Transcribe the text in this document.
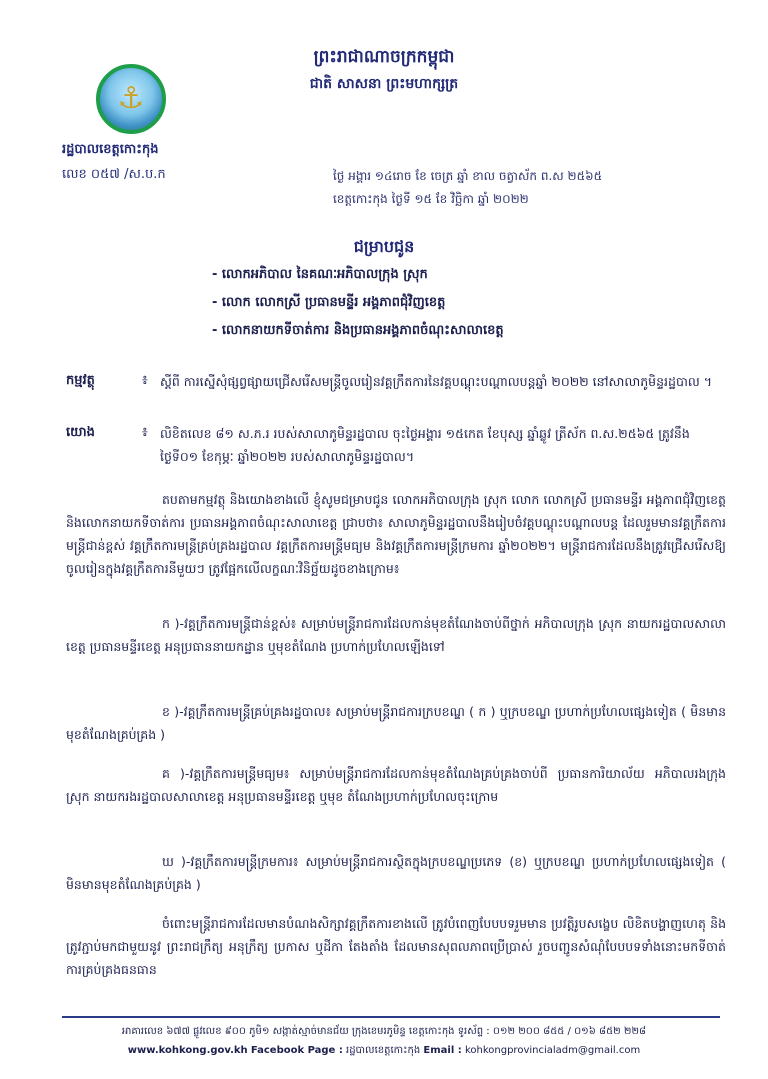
ព្រះរាជាណាចក្រកម្ពុជា
ជាតិ សាសនា ព្រះមហាក្សត្រ
⚓
រដ្ឋបាលខេត្តកោះកុង
លេខ ០៥៧ /ស.ប.ក	ថ្ងៃ អង្គារ ១៤រោច ខែ ចេត្រ ឆ្នាំ ខាល ចត្វាស័ក ព.ស ២៥៦៥
ខេត្តកោះកុង ថ្ងៃទី ១៥ ខែ វិច្ឆិកា ឆ្នាំ ២០២២
ជម្រាបជូន
- លោកអភិបាល នៃគណៈអភិបាលក្រុង ស្រុក
- លោក លោកស្រី ប្រធានមន្ទីរ អង្គភាពជុំវិញខេត្ត
- លោកនាយកទីចាត់ការ និងប្រធានអង្គភាពចំណុះសាលាខេត្ត
កម្មវត្ថុ	៖ ស្តីពី ការស្នើសុំផ្សព្វផ្សាយជ្រើសរើសមន្ត្រីចូលរៀនវគ្គក្រឹតការនៃវគ្គបណ្តុះបណ្តាលបន្តឆ្នាំ ២០២២ នៅសាលាភូមិន្ទរដ្ឋបាល ។
យោង	៖ លិខិតលេខ ៨១ ស.ភ.រ របស់សាលាភូមិន្ទរដ្ឋបាល ចុះថ្ងៃអង្គារ ១៥កេត ខែបុស្ស ឆ្នាំឆ្លូវ ត្រីស័ក ព.ស.២៥៦៥ ត្រូវនឹងថ្ងៃទី០១ ខែកុម្ភៈ ឆ្នាំ២០២២ របស់សាលាភូមិន្ទរដ្ឋបាល។
តបតាមកម្មវត្ថុ និងយោងខាងលើ ខ្ញុំសូមជម្រាបជូន លោកអភិបាលក្រុង ស្រុក លោក លោកស្រី ប្រធានមន្ទីរ អង្គភាពជុំវិញខេត្ត និងលោកនាយកទីចាត់ការ ប្រធានអង្គភាពចំណុះសាលាខេត្ត ជ្រាបថា៖ សាលាភូមិន្ទរដ្ឋបាលនឹងរៀបចំវគ្គបណ្តុះបណ្តាលបន្ត ដែលរួមមានវគ្គក្រឹតការមន្ត្រីជាន់ខ្ពស់ វគ្គក្រឹតការមន្ត្រីគ្រប់គ្រងរដ្ឋបាល វគ្គក្រឹតការមន្ត្រីមធ្យម និងវគ្គក្រឹតការមន្ត្រីក្រមការ ឆ្នាំ២០២២។ មន្ត្រីរាជការដែលនឹងត្រូវជ្រើសរើសឱ្យចូលរៀនក្នុងវគ្គក្រឹតការនីមួយៗ ត្រូវផ្អែកលើលក្ខណៈវិនិច្ឆ័យដូចខាងក្រោម៖
ក )-វគ្គក្រឹតការមន្ត្រីជាន់ខ្ពស់៖ សម្រាប់មន្ត្រីរាជការដែលកាន់មុខតំណែងចាប់ពីថ្នាក់ អភិបាលក្រុង ស្រុក នាយករដ្ឋបាលសាលាខេត្ត ប្រធានមន្ទីរខេត្ត អនុប្រធាននាយកដ្ឋាន ឬមុខតំណែង ប្រហាក់ប្រហែលឡើងទៅ
ខ )-វគ្គក្រឹតការមន្ត្រីគ្រប់គ្រងរដ្ឋបាល៖ សម្រាប់មន្ត្រីរាជការក្របខណ្ឌ ( ក ) ឬក្របខណ្ឌ ប្រហាក់ប្រហែលផ្សេងទៀត ( មិនមានមុខតំណែងគ្រប់គ្រង )
គ )-វគ្គក្រឹតការមន្ត្រីមធ្យម៖ សម្រាប់មន្ត្រីរាជការដែលកាន់មុខតំណែងគ្រប់គ្រងចាប់ពី ប្រធានការិយាល័យ អភិបាលរងក្រុង ស្រុក នាយករងរដ្ឋបាលសាលាខេត្ត អនុប្រធានមន្ទីរខេត្ត ឬមុខ តំណែងប្រហាក់ប្រហែលចុះក្រោម
ឃ )-វគ្គក្រឹតការមន្ត្រីក្រមការ៖ សម្រាប់មន្ត្រីរាជការស្ថិតក្នុងក្របខណ្ឌប្រភេទ (ខ) ឬក្របខណ្ឌ ប្រហាក់ប្រហែលផ្សេងទៀត ( មិនមានមុខតំណែងគ្រប់គ្រង )
ចំពោះមន្ត្រីរាជការដែលមានបំណងសិក្សាវគ្គក្រឹតការខាងលើ ត្រូវបំពេញបែបបទរួមមាន ប្រវត្តិរូបសង្ខេប លិខិតបង្ហាញហេតុ និងត្រូវភ្ជាប់មកជាមួយនូវ ព្រះរាជក្រឹត្យ អនុក្រឹត្យ ប្រកាស ឬដីកា តែងតាំង ដែលមានសុពលភាពប្រើប្រាស់ រួចបញ្ជូនសំណុំបែបបទទាំងនោះមកទីចាត់ការគ្រប់គ្រងធនធាន
អាគារលេខ ៦៧៧ ផ្លូវលេខ ៩០០ ភូមិ១ សង្កាត់ស្មាច់មានជ័យ ក្រុងខេមរភូមិន្ទ ខេត្តកោះកុង ទូរស័ព្ទ : ០១២ ២០០ ៨៥៥ / ០១៦ ៨៥២ ២២៨
www.kohkong.gov.kh Facebook Page : រដ្ឋបាលខេត្តកោះកុង Email : kohkongprovincialadm@gmail.com
